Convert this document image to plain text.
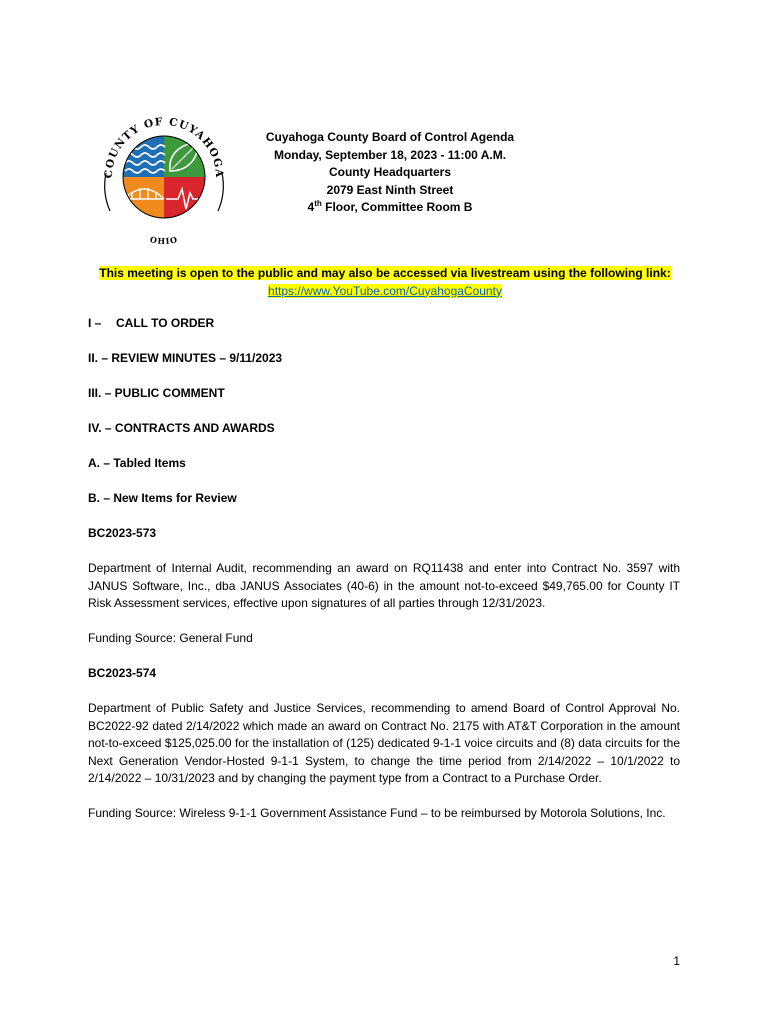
COUNTY OF CUYAHOGA
OHIO
Cuyahoga County Board of Control Agenda
Monday, September 18, 2023 - 11:00 A.M.
County Headquarters
2079 East Ninth Street
4th Floor, Committee Room B
This meeting is open to the public and may also be accessed via livestream using the following link:
https://www.YouTube.com/CuyahogaCounty
I – CALL TO ORDER
II. – REVIEW MINUTES – 9/11/2023
III. – PUBLIC COMMENT
IV. – CONTRACTS AND AWARDS
A. – Tabled Items
B. – New Items for Review
BC2023-573

Department of Internal Audit, recommending an award on RQ11438 and enter into Contract No. 3597 with JANUS Software, Inc., dba JANUS Associates (40-6) in the amount not-to-exceed $49,765.00 for County IT Risk Assessment services, effective upon signatures of all parties through 12/31/2023.

Funding Source: General Fund

BC2023-574

Department of Public Safety and Justice Services, recommending to amend Board of Control Approval No. BC2022-92 dated 2/14/2022 which made an award on Contract No. 2175 with AT&T Corporation in the amount not-to-exceed $125,025.00 for the installation of (125) dedicated 9-1-1 voice circuits and (8) data circuits for the Next Generation Vendor-Hosted 9-1-1 System, to change the time period from 2/14/2022 – 10/1/2022 to 2/14/2022 – 10/31/2023 and by changing the payment type from a Contract to a Purchase Order.

Funding Source: Wireless 9-1-1 Government Assistance Fund – to be reimbursed by Motorola Solutions, Inc.

1
